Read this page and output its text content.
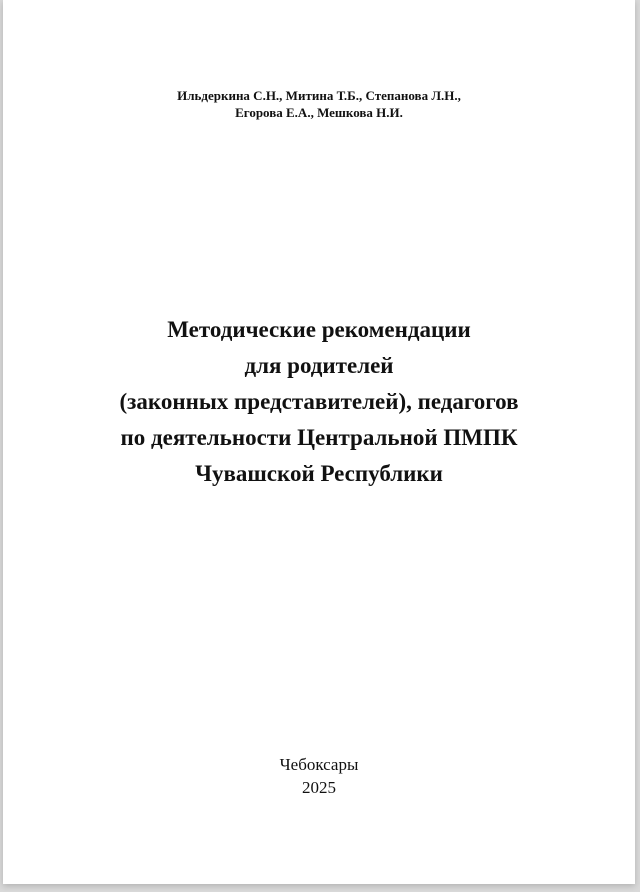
Ильдеркина С.Н., Митина Т.Б., Степанова Л.Н.,
Егорова Е.А., Мешкова Н.И.
Методические рекомендации
для родителей
(законных представителей), педагогов
по деятельности Центральной ПМПК
Чувашской Республики
Чебоксары
2025
